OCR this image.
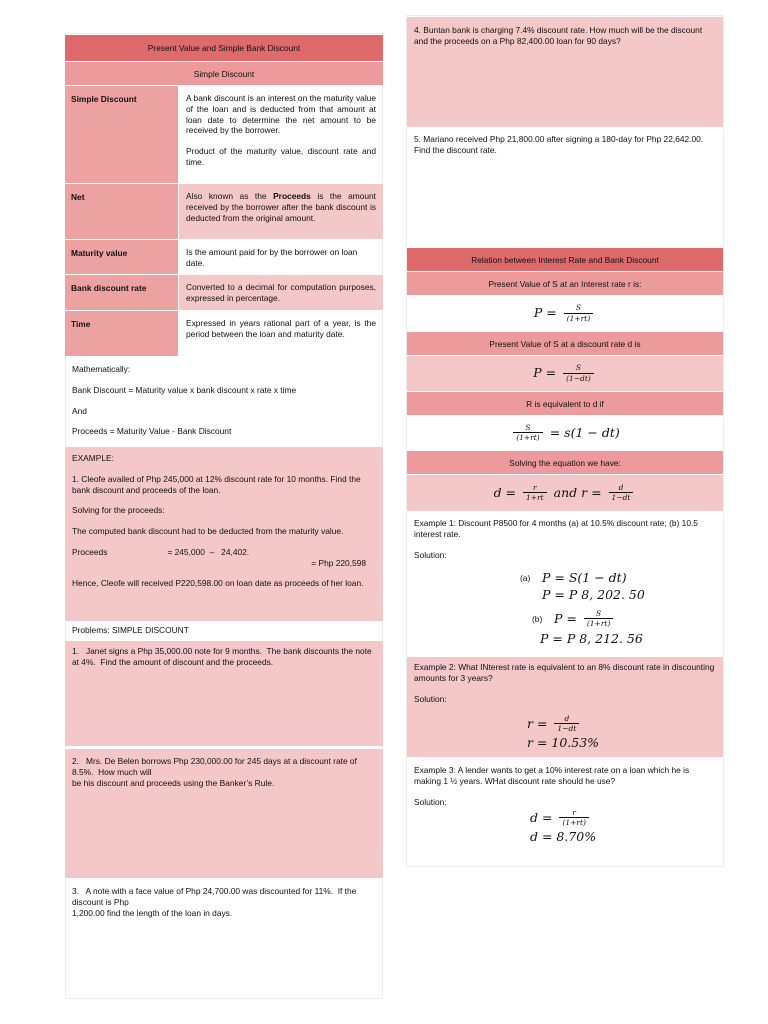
Present Value and Simple Bank Discount
Simple Discount

Simple Discount	A bank discount is an interest on the maturity value of the loan and is deducted from that amount at loan date to determine the net amount to be received by the borrower.

Product of the maturity value, discount rate and time.

Net	Also known as the Proceeds is the amount received by the borrower after the bank discount is deducted from the original amount.

Maturity value	Is the amount paid for by the borrower on loan date.

Bank discount rate	Converted to a decimal for computation purposes, expressed in percentage.

Time	Expressed in years rational part of a year, is the period between the loan and maturity date.

Mathematically:

Bank Discount = Maturity value x bank discount x rate x time

And

Proceeds = Maturity Value - Bank Discount

EXAMPLE:

1. Cleofe availed of Php 245,000 at 12% discount rate for 10 months. Find the bank discount and proceeds of the loan.

Solving for the proceeds:

The computed bank discount had to be deducted from the maturity value.

Proceeds	= 245,000  –   24,402.

= Php 220,598

Hence, Cleofe will received P220,598.00 on loan date as proceeds of her loan.

Problems: SIMPLE DISCOUNT

1.   Janet signs a Php 35,000.00 note for 9 months.  The bank discounts the note at 4%.  Find the amount of discount and the proceeds.

2.   Mrs. De Belen borrows Php 230,000.00 for 245 days at a discount rate of 8.5%.  How much will

be his discount and proceeds using the Banker’s Rule.

3.   A note with a face value of Php 24,700.00 was discounted for 11%.  If the discount is Php

1,200.00 find the length of the loan in days.

4. Buntan bank is charging 7.4% discount rate. How much will be the discount and the proceeds on a Php 82,400.00 loan for 90 days?

5. Mariano received Php 21,800.00 after signing a 180-day for Php 22,642.00.

Find the discount rate.

Relation between Interest Rate and Bank Discount
Present Value of S at an Interest rate r is:
$P = \frac{S}{(1+rt)}$
Present Value of S at a discount rate d is
$P = \frac{S}{(1-dt)}$
R is equivalent to d if
$\frac{S}{(1+rt)} = s(1 - dt)$
Solving the equation we have:
$d = \frac{r}{1+rt}$ and $r = \frac{d}{1-dt}$

Example 1: Discount P8500 for 4 months (a) at 10.5% discount rate; (b) 10.5 interest rate.

Solution:

(a) P = S(1 − dt)
P = P 8, 202. 50
(b) $P = \frac{S}{(1+rt)}$
P = P 8, 212. 56

Example 2: What INterest rate is equivalent to an 8% discount rate in discounting amounts for 3 years?

Solution:

$r = \frac{d}{1-dt}$
r = 10.53%

Example 3: A lender wants to get a 10% interest rate on a loan which he is making 1 ½ years. WHat discount rate should he use?

Solution:

$d = \frac{r}{(1+rt)}$
d = 8.70%
